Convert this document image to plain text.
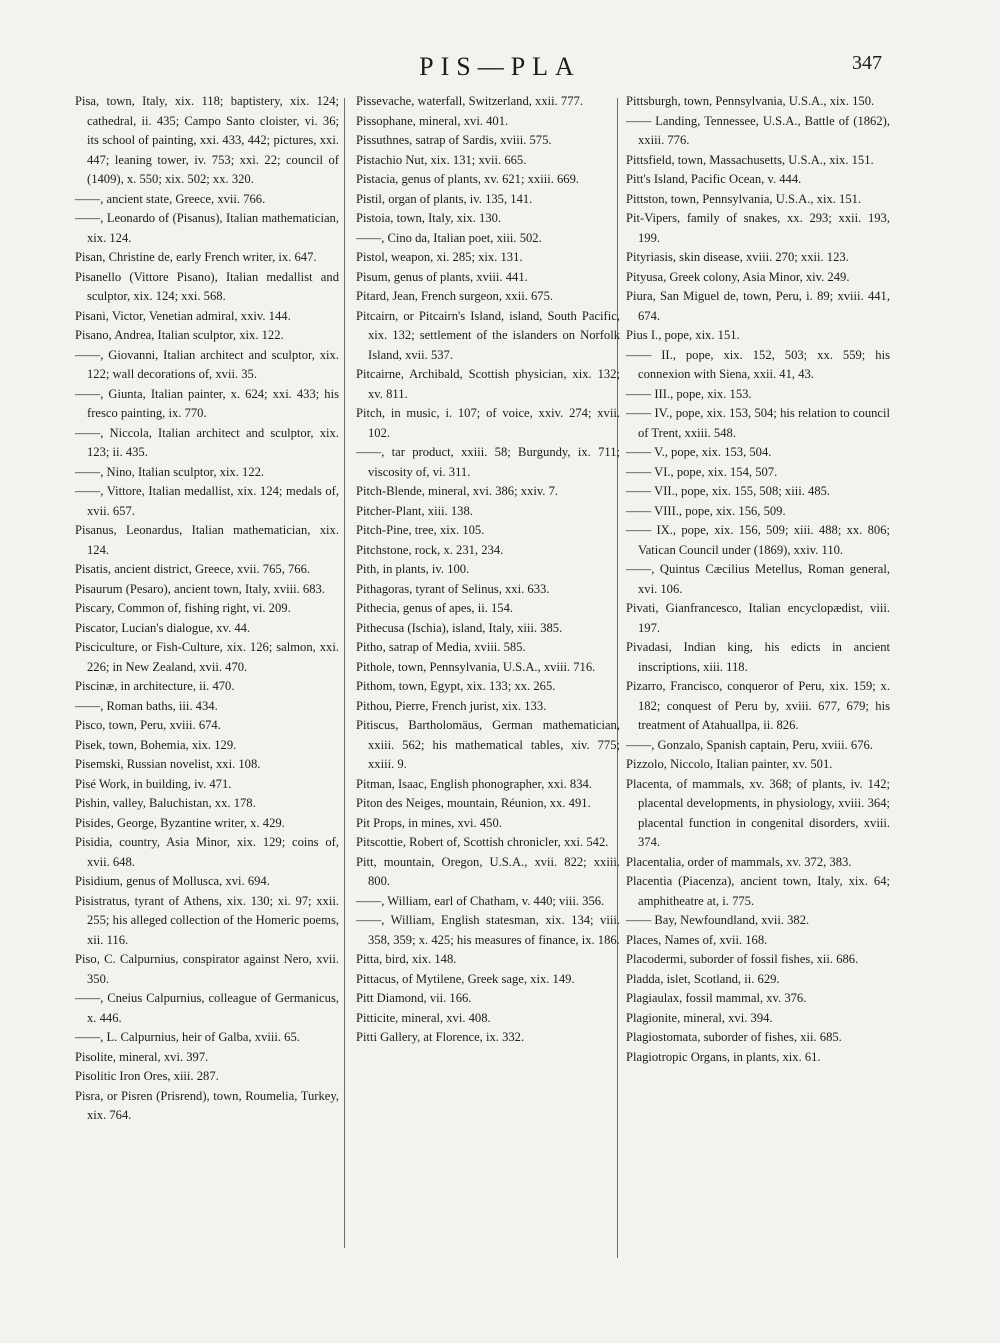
PIS—PLA	347

Pisa, town, Italy, xix. 118; baptistery, xix. 124; cathedral, ii. 435; Campo Santo cloister, vi. 36; its school of painting, xxi. 433, 442; pictures, xxi. 447; leaning tower, iv. 753; xxi. 22; council of (1409), x. 550; xix. 502; xx. 320.

——, ancient state, Greece, xvii. 766.

——, Leonardo of (Pisanus), Italian mathematician, xix. 124.

Pisan, Christine de, early French writer, ix. 647.

Pisanello (Vittore Pisano), Italian medallist and sculptor, xix. 124; xxi. 568.

Pisani, Victor, Venetian admiral, xxiv. 144.

Pisano, Andrea, Italian sculptor, xix. 122.

——, Giovanni, Italian architect and sculptor, xix. 122; wall decorations of, xvii. 35.

——, Giunta, Italian painter, x. 624; xxi. 433; his fresco painting, ix. 770.

——, Niccola, Italian architect and sculptor, xix. 123; ii. 435.

——, Nino, Italian sculptor, xix. 122.

——, Vittore, Italian medallist, xix. 124; medals of, xvii. 657.

Pisanus, Leonardus, Italian mathematician, xix. 124.

Pisatis, ancient district, Greece, xvii. 765, 766.

Pisaurum (Pesaro), ancient town, Italy, xviii. 683.

Piscary, Common of, fishing right, vi. 209.

Piscator, Lucian's dialogue, xv. 44.

Pisciculture, or Fish-Culture, xix. 126; salmon, xxi. 226; in New Zealand, xvii. 470.

Piscinæ, in architecture, ii. 470.

——, Roman baths, iii. 434.

Pisco, town, Peru, xviii. 674.

Pisek, town, Bohemia, xix. 129.

Pisemski, Russian novelist, xxi. 108.

Pisé Work, in building, iv. 471.

Pishin, valley, Baluchistan, xx. 178.

Pisides, George, Byzantine writer, x. 429.

Pisidia, country, Asia Minor, xix. 129; coins of, xvii. 648.

Pisidium, genus of Mollusca, xvi. 694.

Pisistratus, tyrant of Athens, xix. 130; xi. 97; xxii. 255; his alleged collection of the Homeric poems, xii. 116.

Piso, C. Calpurnius, conspirator against Nero, xvii. 350.

——, Cneius Calpurnius, colleague of Germanicus, x. 446.

——, L. Calpurnius, heir of Galba, xviii. 65.

Pisolite, mineral, xvi. 397.

Pisolitic Iron Ores, xiii. 287.

Pisra, or Pisren (Prisrend), town, Roumelia, Turkey, xix. 764.

Pissevache, waterfall, Switzerland, xxii. 777.

Pissophane, mineral, xvi. 401.

Pissuthnes, satrap of Sardis, xviii. 575.

Pistachio Nut, xix. 131; xvii. 665.

Pistacia, genus of plants, xv. 621; xxiii. 669.

Pistil, organ of plants, iv. 135, 141.

Pistoia, town, Italy, xix. 130.

——, Cino da, Italian poet, xiii. 502.

Pistol, weapon, xi. 285; xix. 131.

Pisum, genus of plants, xviii. 441.

Pitard, Jean, French surgeon, xxii. 675.

Pitcairn, or Pitcairn's Island, island, South Pacific, xix. 132; settlement of the islanders on Norfolk Island, xvii. 537.

Pitcairne, Archibald, Scottish physician, xix. 132; xv. 811.

Pitch, in music, i. 107; of voice, xxiv. 274; xvii. 102.

——, tar product, xxiii. 58; Burgundy, ix. 711; viscosity of, vi. 311.

Pitch-Blende, mineral, xvi. 386; xxiv. 7.

Pitcher-Plant, xiii. 138.

Pitch-Pine, tree, xix. 105.

Pitchstone, rock, x. 231, 234.

Pith, in plants, iv. 100.

Pithagoras, tyrant of Selinus, xxi. 633.

Pithecia, genus of apes, ii. 154.

Pithecusa (Ischia), island, Italy, xiii. 385.

Pitho, satrap of Media, xviii. 585.

Pithole, town, Pennsylvania, U.S.A., xviii. 716.

Pithom, town, Egypt, xix. 133; xx. 265.

Pithou, Pierre, French jurist, xix. 133.

Pitiscus, Bartholomäus, German mathematician, xxiii. 562; his mathematical tables, xiv. 775; xxiii. 9.

Pitman, Isaac, English phonographer, xxi. 834.

Piton des Neiges, mountain, Réunion, xx. 491.

Pit Props, in mines, xvi. 450.

Pitscottie, Robert of, Scottish chronicler, xxi. 542.

Pitt, mountain, Oregon, U.S.A., xvii. 822; xxiii. 800.

——, William, earl of Chatham, v. 440; viii. 356.

——, William, English statesman, xix. 134; viii. 358, 359; x. 425; his measures of finance, ix. 186.

Pitta, bird, xix. 148.

Pittacus, of Mytilene, Greek sage, xix. 149.

Pitt Diamond, vii. 166.

Pitticite, mineral, xvi. 408.

Pitti Gallery, at Florence, ix. 332.

Pittsburgh, town, Pennsylvania, U.S.A., xix. 150.

—— Landing, Tennessee, U.S.A., Battle of (1862), xxiii. 776.

Pittsfield, town, Massachusetts, U.S.A., xix. 151.

Pitt's Island, Pacific Ocean, v. 444.

Pittston, town, Pennsylvania, U.S.A., xix. 151.

Pit-Vipers, family of snakes, xx. 293; xxii. 193, 199.

Pityriasis, skin disease, xviii. 270; xxii. 123.

Pityusa, Greek colony, Asia Minor, xiv. 249.

Piura, San Miguel de, town, Peru, i. 89; xviii. 441, 674.

Pius I., pope, xix. 151.

—— II., pope, xix. 152, 503; xx. 559; his connexion with Siena, xxii. 41, 43.

—— III., pope, xix. 153.

—— IV., pope, xix. 153, 504; his relation to council of Trent, xxiii. 548.

—— V., pope, xix. 153, 504.

—— VI., pope, xix. 154, 507.

—— VII., pope, xix. 155, 508; xiii. 485.

—— VIII., pope, xix. 156, 509.

—— IX., pope, xix. 156, 509; xiii. 488; xx. 806; Vatican Council under (1869), xxiv. 110.

——, Quintus Cæcilius Metellus, Roman general, xvi. 106.

Pivati, Gianfrancesco, Italian encyclopædist, viii. 197.

Pivadasi, Indian king, his edicts in ancient inscriptions, xiii. 118.

Pizarro, Francisco, conqueror of Peru, xix. 159; x. 182; conquest of Peru by, xviii. 677, 679; his treatment of Atahuallpa, ii. 826.

——, Gonzalo, Spanish captain, Peru, xviii. 676.

Pizzolo, Niccolo, Italian painter, xv. 501.

Placenta, of mammals, xv. 368; of plants, iv. 142; placental developments, in physiology, xviii. 364; placental function in congenital disorders, xviii. 374.

Placentalia, order of mammals, xv. 372, 383.

Placentia (Piacenza), ancient town, Italy, xix. 64; amphitheatre at, i. 775.

—— Bay, Newfoundland, xvii. 382.

Places, Names of, xvii. 168.

Placodermi, suborder of fossil fishes, xii. 686.

Pladda, islet, Scotland, ii. 629.

Plagiaulax, fossil mammal, xv. 376.

Plagionite, mineral, xvi. 394.

Plagiostomata, suborder of fishes, xii. 685.

Plagiotropic Organs, in plants, xix. 61.
